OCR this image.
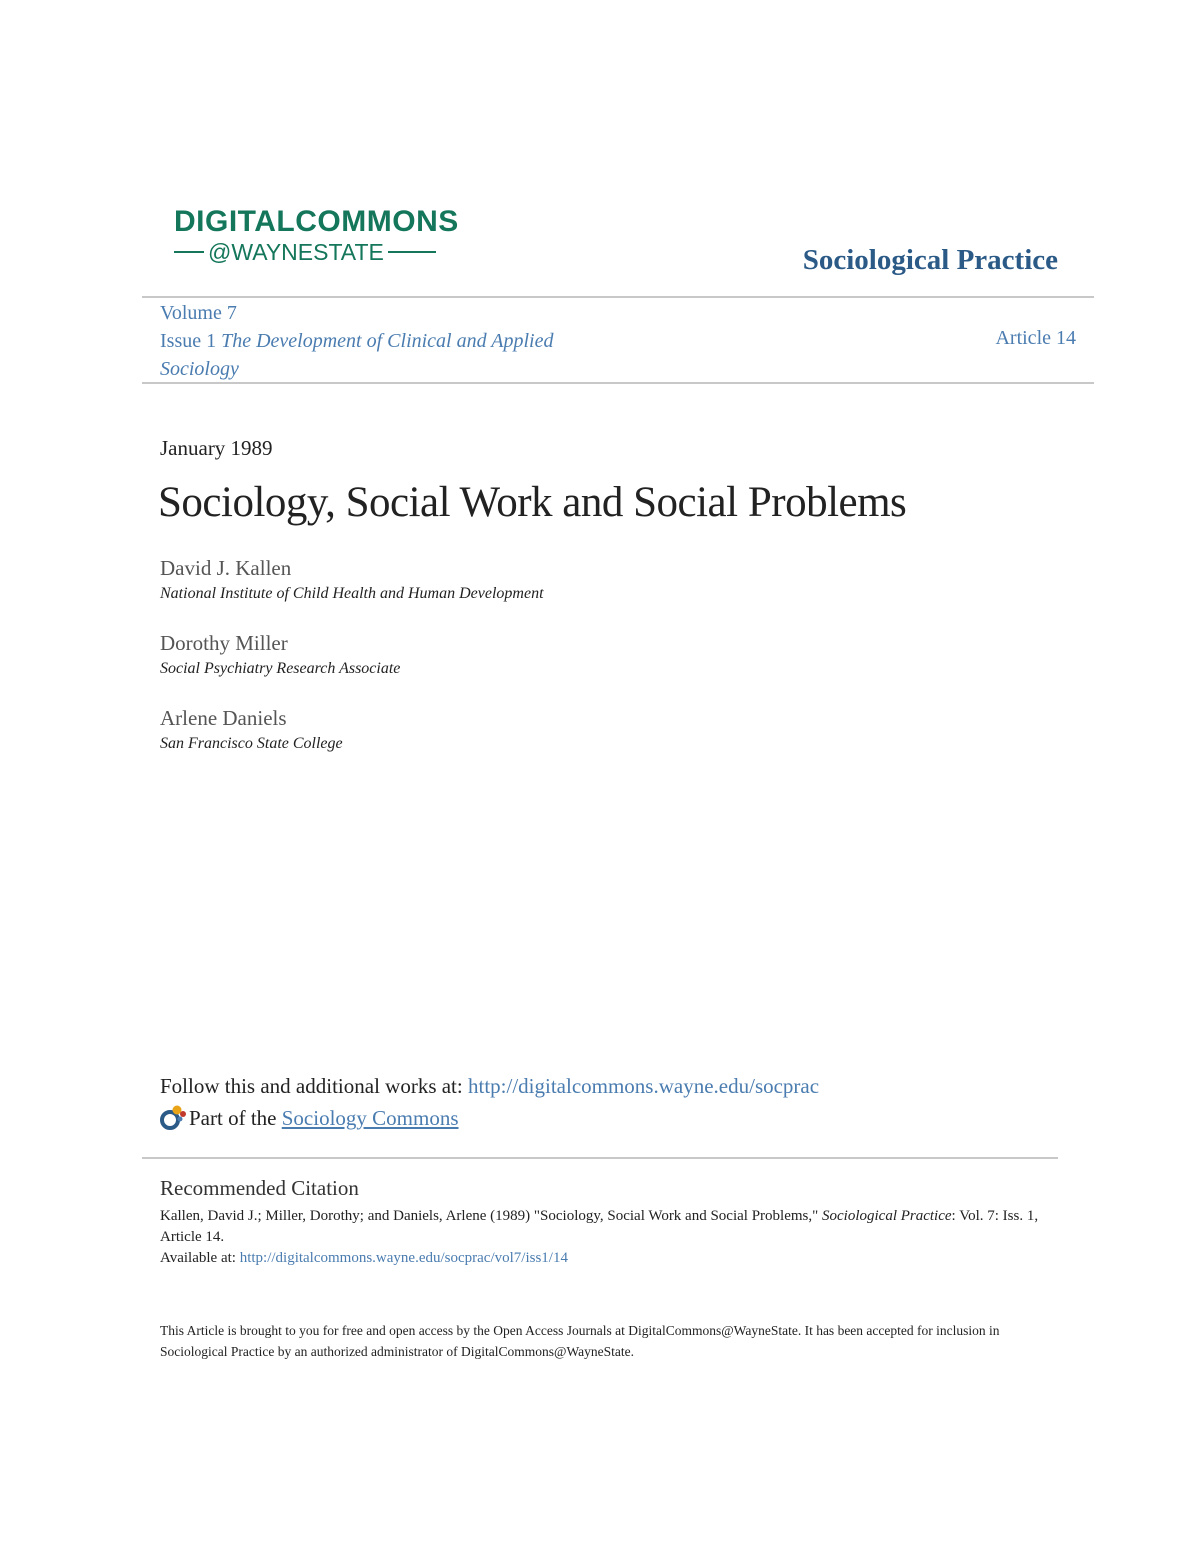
DIGITALCOMMONS
@WAYNESTATE	Sociological Practice
Volume 7
Issue 1 The Development of Clinical and Applied Sociology
Article 14
January 1989
Sociology, Social Work and Social Problems
David J. Kallen
National Institute of Child Health and Human Development
Dorothy Miller
Social Psychiatry Research Associate
Arlene Daniels
San Francisco State College
Follow this and additional works at: http://digitalcommons.wayne.edu/socprac
Part of the
Sociology Commons
Recommended Citation
Kallen, David J.; Miller, Dorothy; and Daniels, Arlene (1989) "Sociology, Social Work and Social Problems," Sociological Practice: Vol. 7: Iss. 1, Article 14.
Available at: http://digitalcommons.wayne.edu/socprac/vol7/iss1/14
This Article is brought to you for free and open access by the Open Access Journals at DigitalCommons@WayneState. It has been accepted for inclusion in Sociological Practice by an authorized administrator of DigitalCommons@WayneState.
